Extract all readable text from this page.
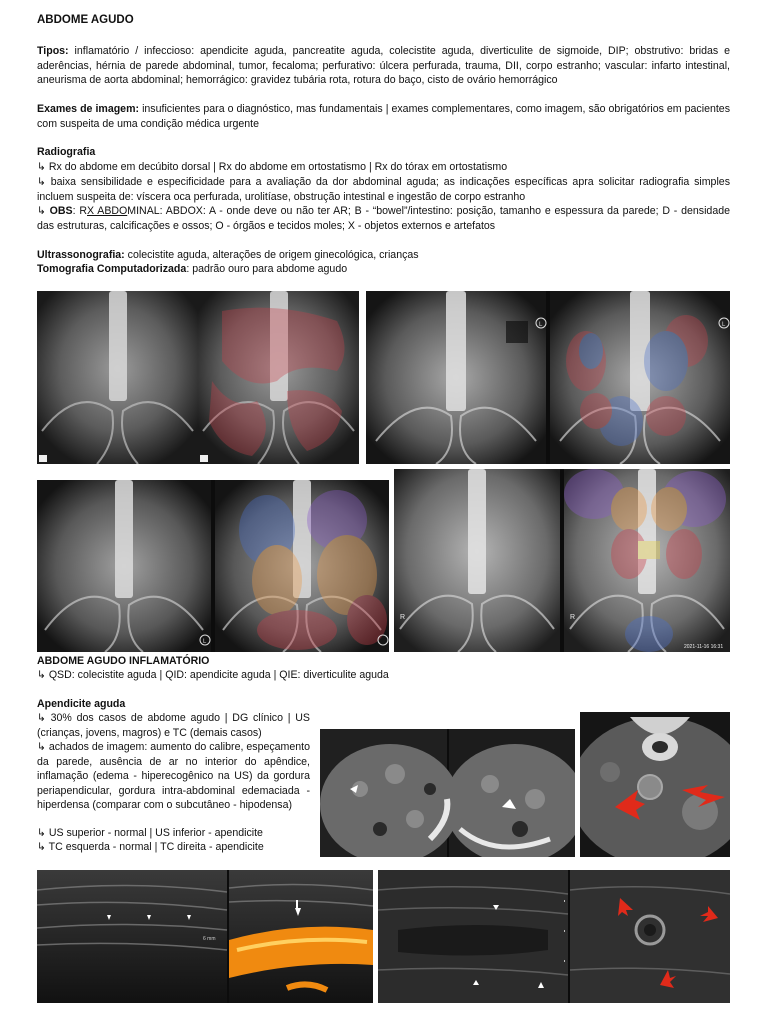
ABDOME AGUDO
Tipos: inflamatório / infeccioso: apendicite aguda, pancreatite aguda, colecistite aguda, diverticulite de sigmoide, DIP; obstrutivo: bridas e aderências, hérnia de parede abdominal, tumor, fecaloma; perfurativo: úlcera perfurada, trauma, DII, corpo estranho; vascular: infarto intestinal, aneurisma de aorta abdominal; hemorrágico: gravidez tubária rota, rotura do baço, cisto de ovário hemorrágico
Exames de imagem: insuficientes para o diagnóstico, mas fundamentais | exames complementares, como imagem, são obrigatórios em pacientes com suspeita de uma condição médica urgente
Radiografia
↳ Rx do abdome em decúbito dorsal | Rx do abdome em ortostatismo | Rx do tórax em ortostatismo
↳ baixa sensibilidade e especificidade para a avaliação da dor abdominal aguda; as indicações específicas apra solicitar radiografia simples incluem suspeita de: víscera oca perfurada, urolitíase, obstrução intestinal e ingestão de corpo estranho
↳ OBS: RX ABDOMINAL: ABDOX: A - onde deve ou não ter AR; B - “bowel”/intestino: posição, tamanho e espessura da parede; D - densidade das estruturas, calcificações e ossos; O - órgãos e tecidos moles; X - objetos externos e artefatos
Ultrassonografia: colecistite aguda, alterações de origem ginecológica, crianças
Tomografia Computadorizada: padrão ouro para abdome agudo
L	L
L
R	R
2021-11-16 16:31
ABDOME AGUDO INFLAMATÓRIO
↳ QSD: colecistite aguda | QID: apendicite aguda | QIE: diverticulite aguda
Apendicite aguda
↳ 30% dos casos de abdome agudo | DG clínico | US (crianças, jovens, magros) e TC (demais casos)
↳ achados de imagem: aumento do calibre, espeçamento da parede, ausência de ar no interior do apêndice, inflamação (edema - hiperecogênico na US) da gordura periapendicular, gordura intra-abdominal edemaciada - hiperdensa (comparar com o subcutâneo - hipodensa)
↳ US superior - normal | US inferior - apendicite
↳ TC esquerda - normal | TC direita - apendicite
6 mm
